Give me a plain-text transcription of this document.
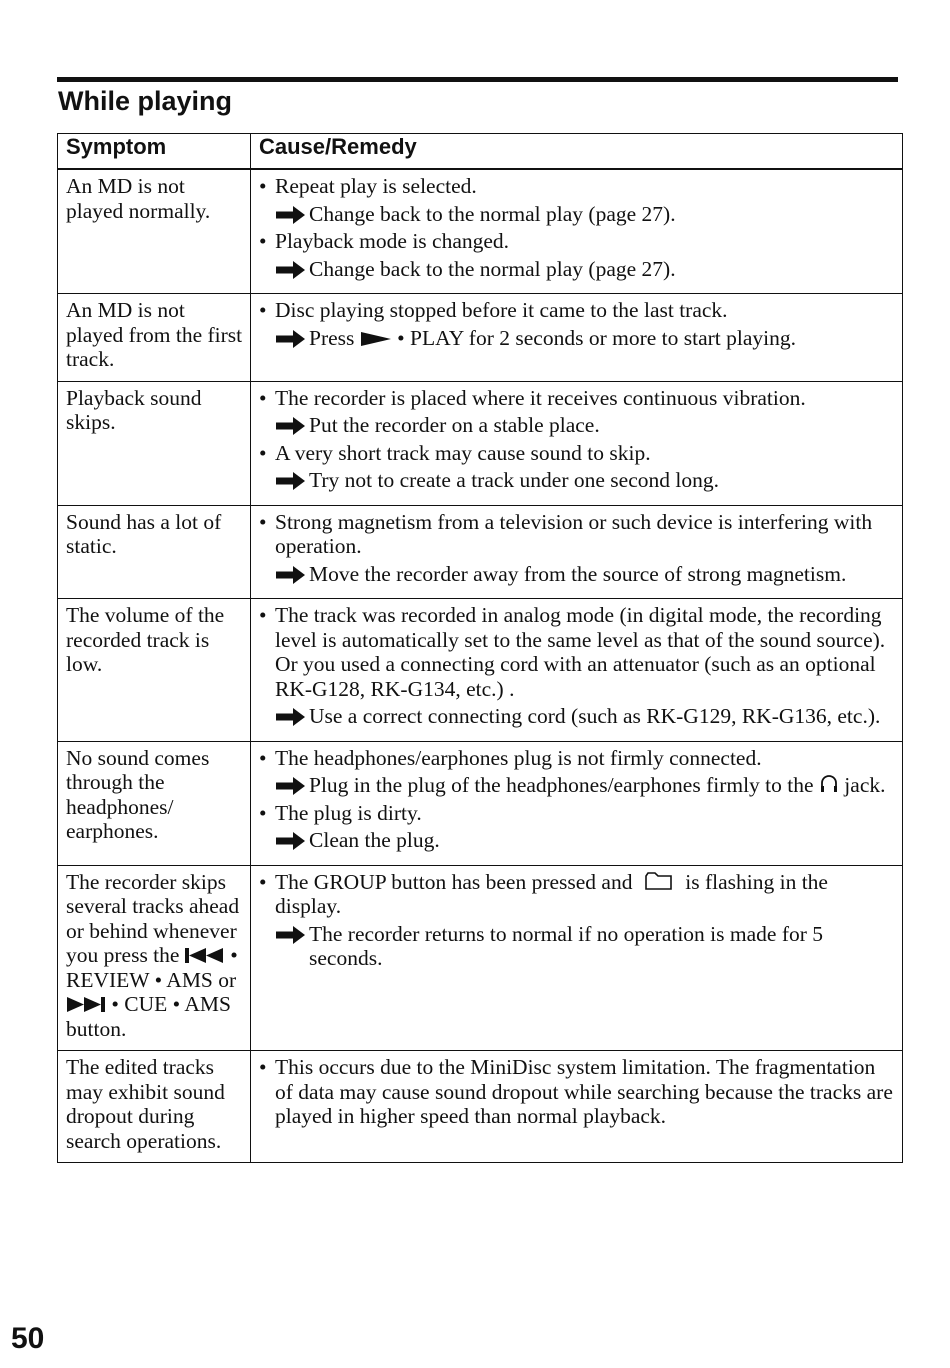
While playing
Symptom	Cause/Remedy
An MD is not played normally.	• Repeat play is selected.
Change back to the normal play (page 27).
• Playback mode is changed.
Change back to the normal play (page 27).

An MD is not played from the first track.	• Disc playing stopped before it came to the last track.
Press • PLAY for 2 seconds or more to start playing.

Playback sound skips.	• The recorder is placed where it receives continuous vibration.
Put the recorder on a stable place.
• A very short track may cause sound to skip.
Try not to create a track under one second long.

Sound has a lot of static.	• Strong magnetism from a television or such device is interfering with operation.
Move the recorder away from the source of strong magnetism.

The volume of the recorded track is low.	• The track was recorded in analog mode (in digital mode, the recording level is automatically set to the same level as that of the sound source). Or you used a connecting cord with an attenuator (such as an optional RK-G128, RK-G134, etc.) .
Use a correct connecting cord (such as RK-G129, RK-G136, etc.).

No sound comes through the headphones/ earphones.	• The headphones/earphones plug is not firmly connected.
Plug in the plug of the headphones/earphones firmly to the jack.
• The plug is dirty.
Clean the plug.

The recorder skips several tracks ahead or behind whenever you press the • REVIEW • AMS or  • CUE • AMS button.	• The GROUP button has been pressed and is flashing in the display.
The recorder returns to normal if no operation is made for 5 seconds.

The edited tracks may exhibit sound dropout during search operations.	• This occurs due to the MiniDisc system limitation. The fragmentation of data may cause sound dropout while searching because the tracks are played in higher speed than normal playback.
50
